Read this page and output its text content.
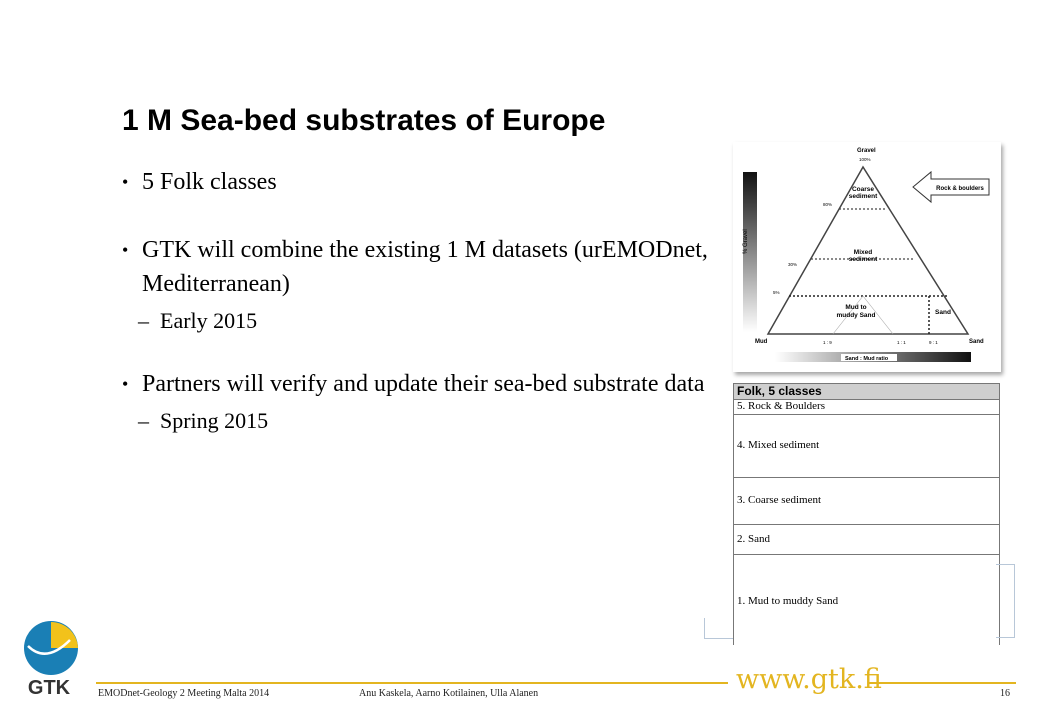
1 M Sea-bed substrates of Europe
• 5 Folk classes
• GTK will combine the existing 1 M datasets (urEMODnet, Mediterranean)
– Early 2015
• Partners will verify and update their sea-bed substrate data
– Spring 2015
% Gravel
Sand : Mud ratio
Gravel
100%
80%
30%
5%
Coarse
sediment
Mixed
sediment
Mud to
muddy Sand	Sand
1 : 9	1 : 1	9 : 1
Mud	Sand
Rock & boulders
Folk, 5 classes
5. Rock & Boulders
4. Mixed sediment
3. Coarse sediment
2. Sand
1. Mud to muddy Sand
GTK	www.gtk.fi
EMODnet-Geology 2 Meeting Malta 2014	Anu Kaskela, Aarno Kotilainen, Ulla Alanen	16
